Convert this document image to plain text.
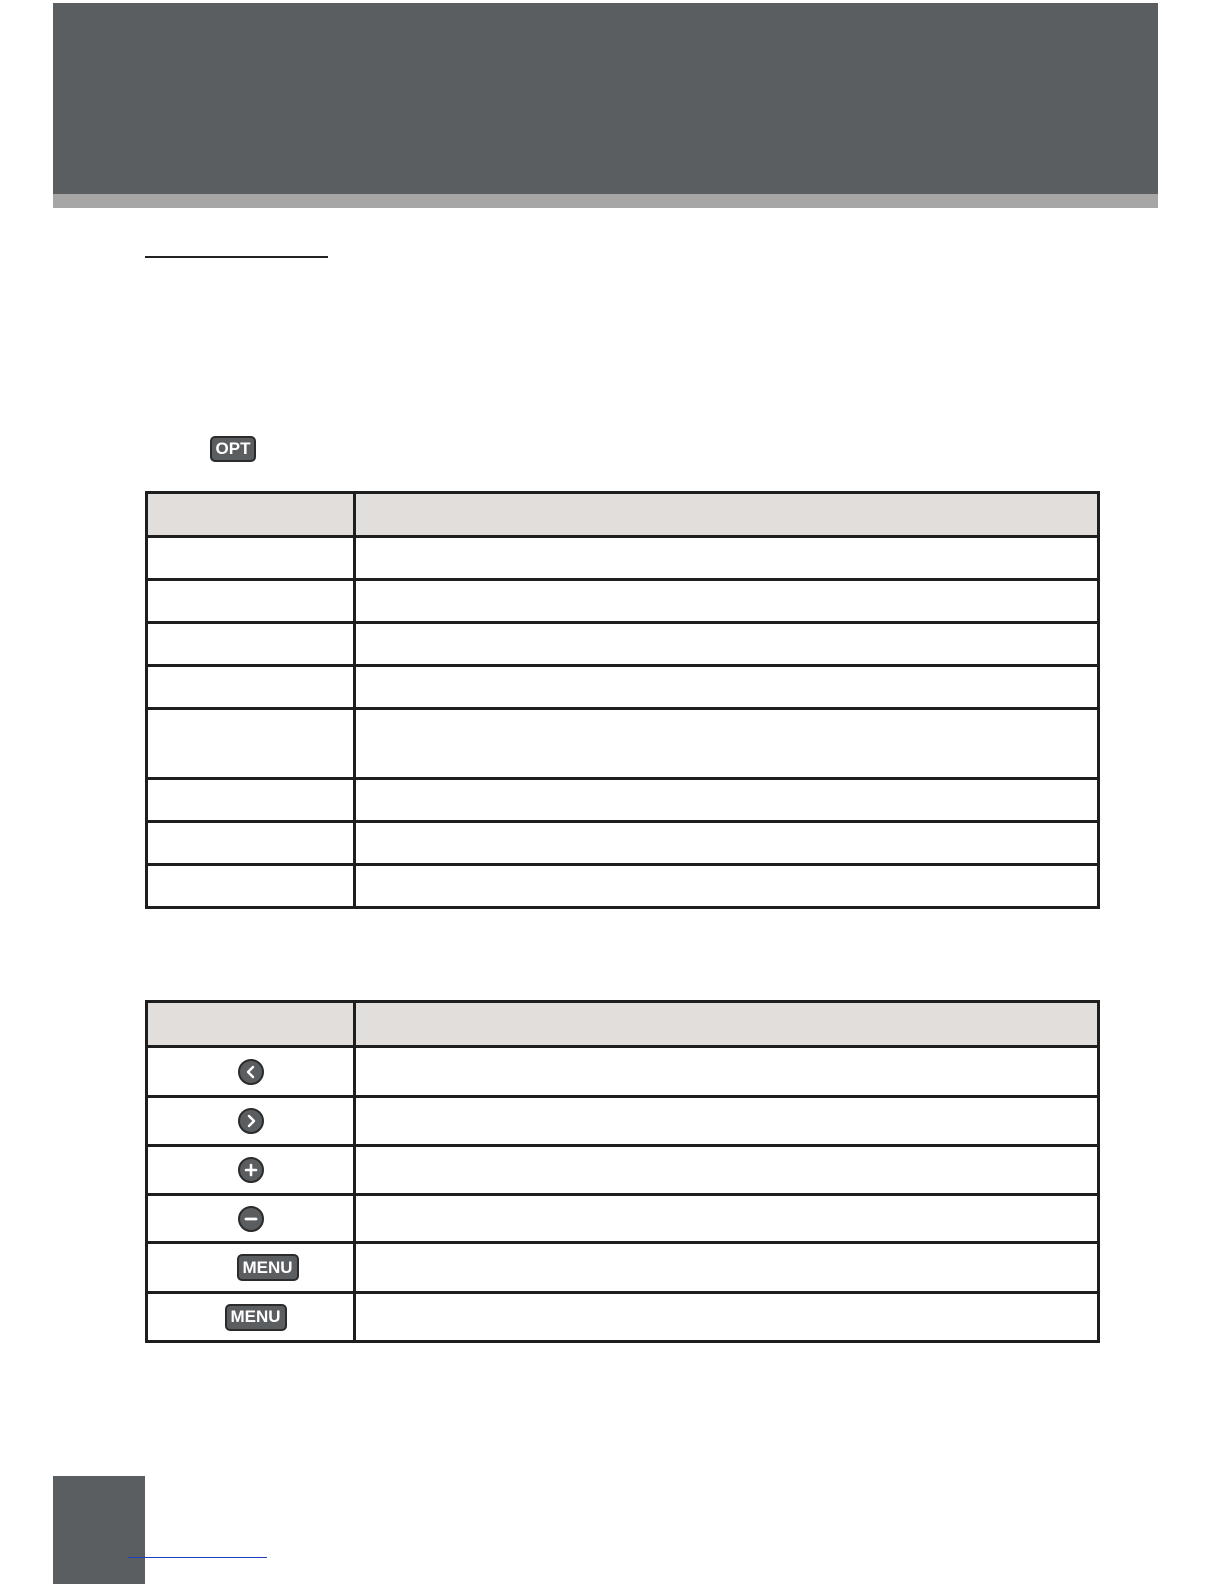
OPT

MENU	
MENU	
